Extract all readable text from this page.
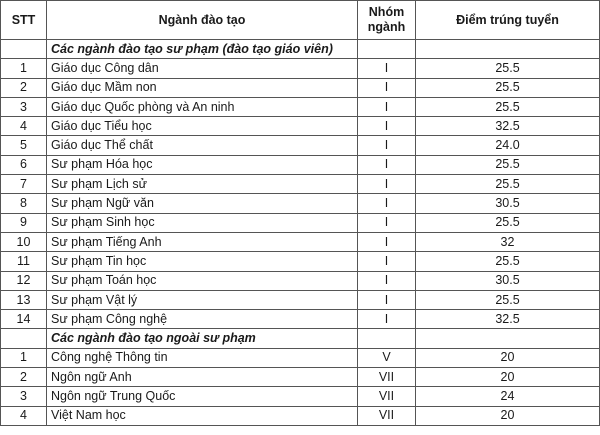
STT	Ngành đào tạo	Nhóm ngành	Điểm trúng tuyển
	Các ngành đào tạo sư phạm (đào tạo giáo viên)		
1	Giáo dục Công dân	I	25.5
2	Giáo dục Mầm non	I	25.5
3	Giáo dục Quốc phòng và An ninh	I	25.5
4	Giáo dục Tiểu học	I	32.5
5	Giáo dục Thể chất	I	24.0
6	Sư phạm Hóa học	I	25.5
7	Sư phạm Lịch sử	I	25.5
8	Sư phạm Ngữ văn	I	30.5
9	Sư phạm Sinh học	I	25.5
10	Sư phạm Tiếng Anh	I	32
11	Sư phạm Tin học	I	25.5
12	Sư phạm Toán học	I	30.5
13	Sư phạm Vật lý	I	25.5
14	Sư phạm Công nghệ	I	32.5
	Các ngành đào tạo ngoài sư phạm		
1	Công nghệ Thông tin	V	20
2	Ngôn ngữ Anh	VII	20
3	Ngôn ngữ Trung Quốc	VII	24
4	Việt Nam học	VII	20
